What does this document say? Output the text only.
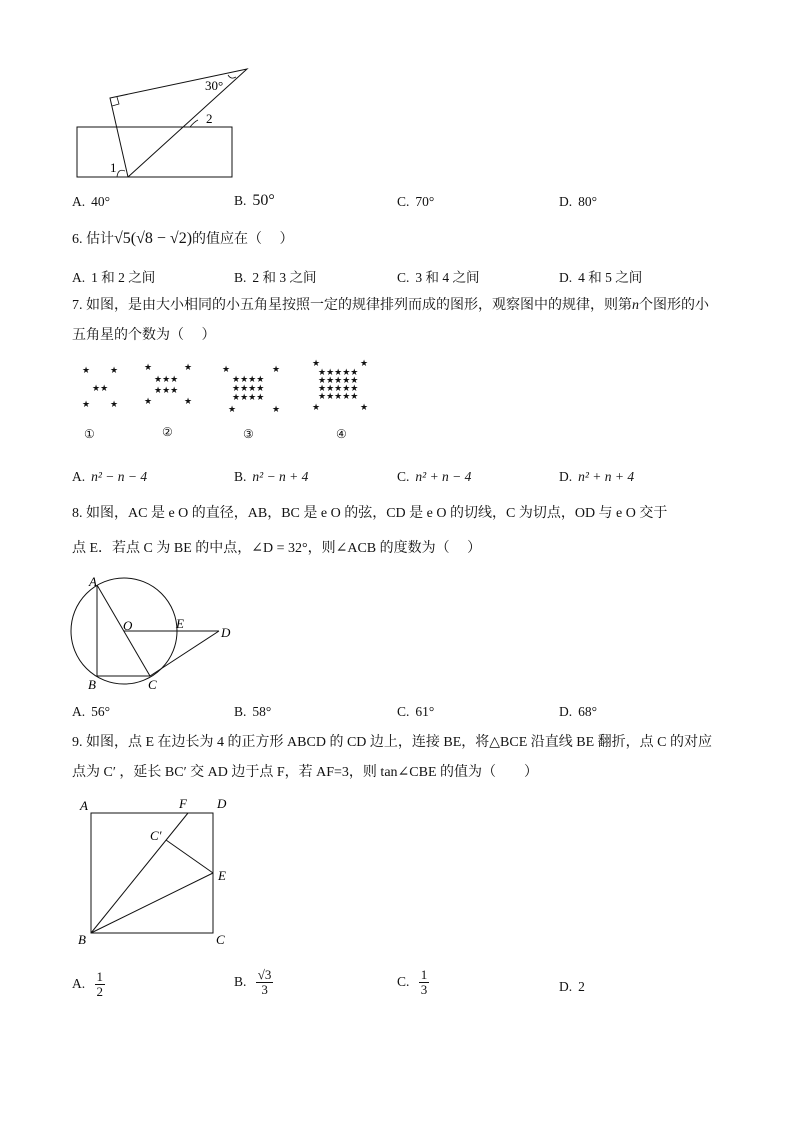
30°
2
1
A. 40°	B. 50°	C. 70°	D. 80°
6. 估计√5(√8 − √2)的值应在（　 ）
A. 1 和 2 之间	B. 2 和 3 之间	C. 3 和 4 之间	D. 4 和 5 之间
7. 如图，是由大小相同的小五角星按照一定的规律排列而成的图形，观察图中的规律，则第n个图形的小
五角星的个数为（　 ）
★ ★
★★
★ ★
★	★
★★★
★★★
★	★
★	★
★★★★
★★★★
★★★★
★	★
★	★
★★★★★
★★★★★
★★★★★
★★★★★
★	★
①	②	③	④
A. n² − n − 4	B. n² − n + 4	C. n² + n − 4	D. n² + n + 4
8. 如图，AC 是 e O 的直径，AB，BC 是 e O 的弦，CD 是 e O 的切线，C 为切点，OD 与 e O 交于
点 E．若点 C 为 BE 的中点，∠D = 32°，则∠ACB 的度数为（　 ）
A
O	E
D
B	C
A. 56°	B. 58°	C. 61°	D. 68°
9. 如图，点 E 在边长为 4 的正方形 ABCD 的 CD 边上，连接 BE，将△BCE 沿直线 BE 翻折，点 C 的对应
点为 C′ ，延长 BC′ 交 AD 边于点 F，若 AF=3，则 tan∠CBE 的值为（　　）
A	F D
C′
E
B	C
A. $\frac{1}{2}$	B. $\frac{√3}{3}$	C. $\frac{1}{3}$	D. 2
